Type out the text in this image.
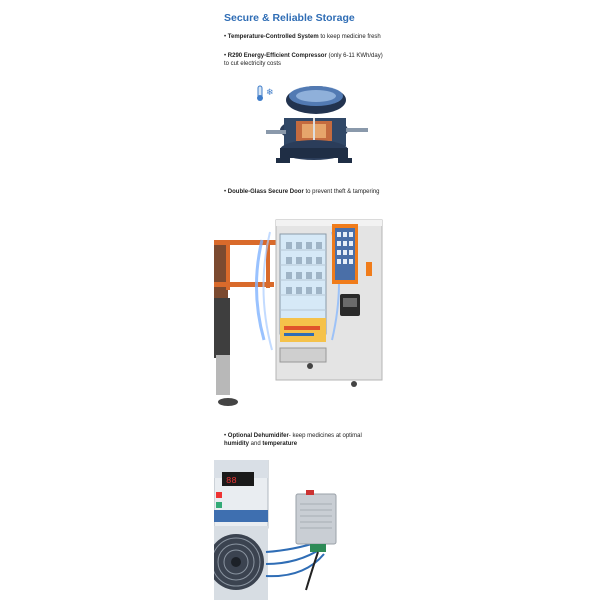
Secure & Reliable Storage
• Temperature-Controlled System to keep medicine fresh
• R290 Energy-Efficient Compressor (only 6-11 KWh/day) to cut electricity costs
❄
• Double-Glass Secure Door to prevent theft & tampering
• Optional Dehumidifer- keep medicines at optimal humidity and temperature
88
